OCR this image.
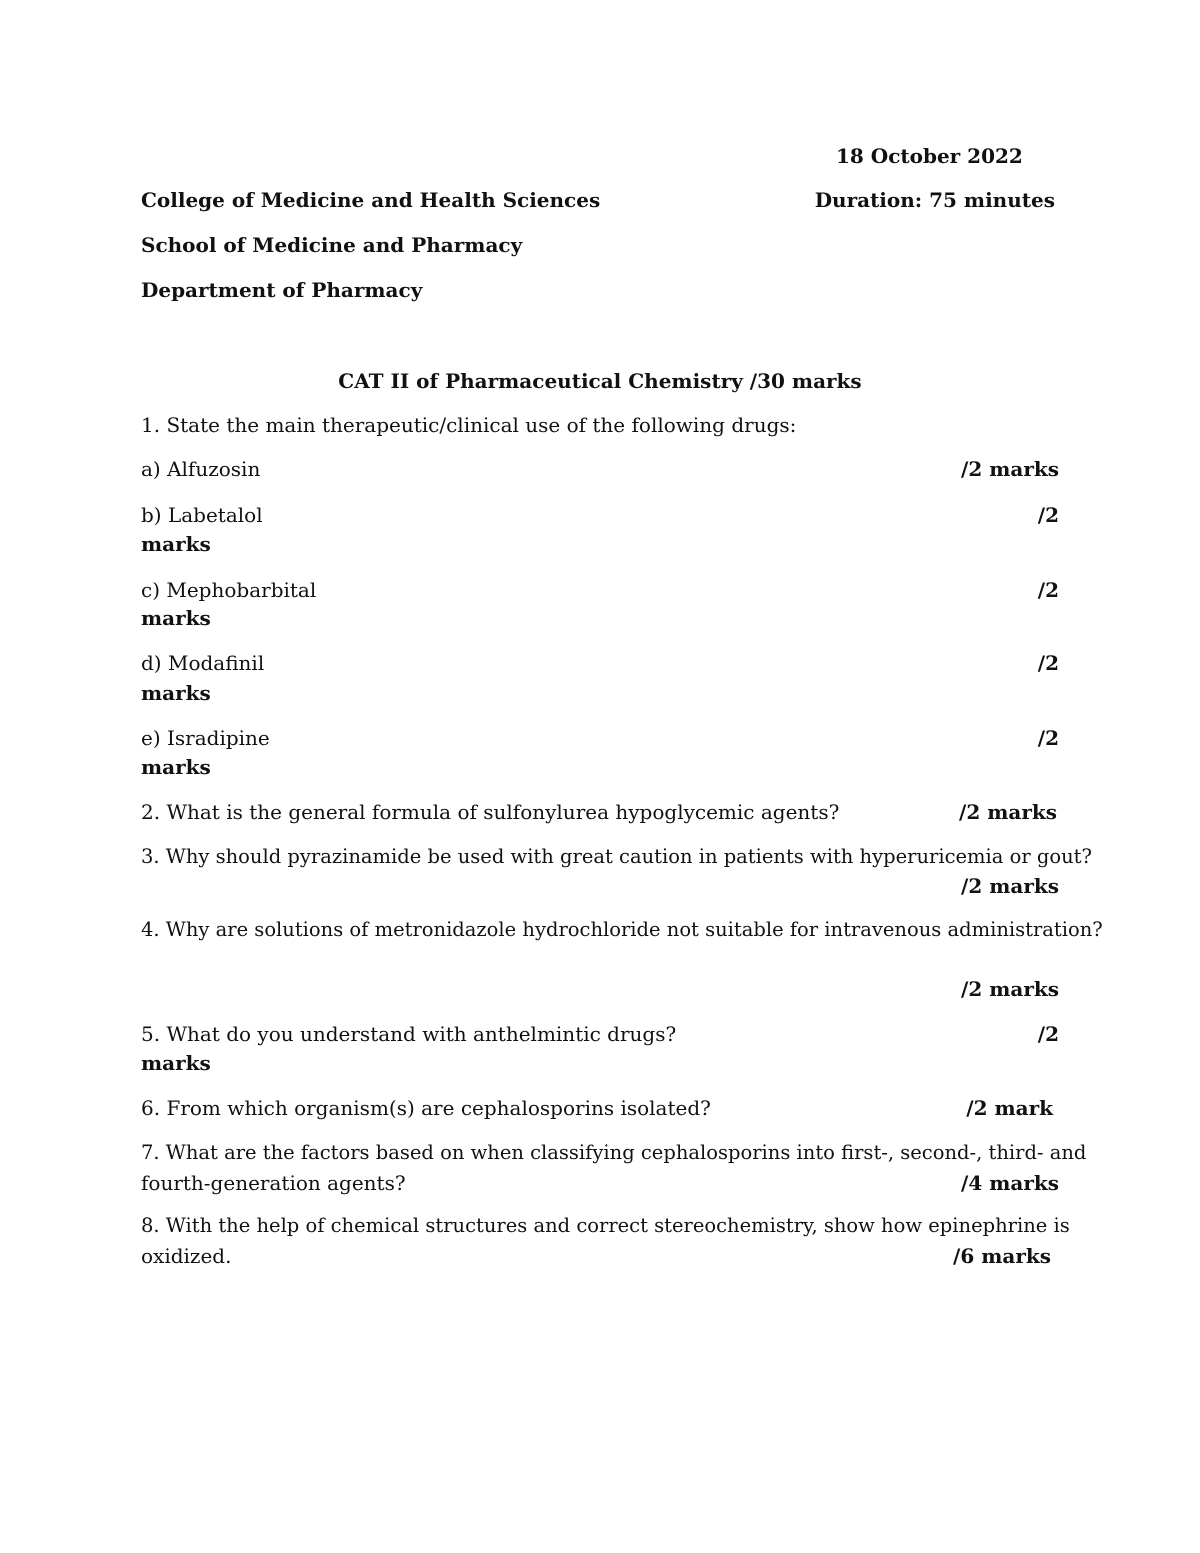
18 October 2022
College of Medicine and Health Sciences	Duration: 75 minutes
School of Medicine and Pharmacy
Department of Pharmacy
CAT II of Pharmaceutical Chemistry /30 marks
1. State the main therapeutic/clinical use of the following drugs:
a) Alfuzosin	/2 marks
b) Labetalol	/2
marks
c) Mephobarbital	/2
marks
d) Modafinil	/2
marks
e) Isradipine	/2
marks
2. What is the general formula of sulfonylurea hypoglycemic agents?	/2 marks
3. Why should pyrazinamide be used with great caution in patients with hyperuricemia or gout?
/2 marks
4. Why are solutions of metronidazole hydrochloride not suitable for intravenous administration?
/2 marks
5. What do you understand with anthelmintic drugs?	/2
marks
6. From which organism(s) are cephalosporins isolated?	/2 mark
7. What are the factors based on when classifying cephalosporins into first-, second-, third- and
fourth-generation agents?	/4 marks
8. With the help of chemical structures and correct stereochemistry, show how epinephrine is
oxidized.	/6 marks
